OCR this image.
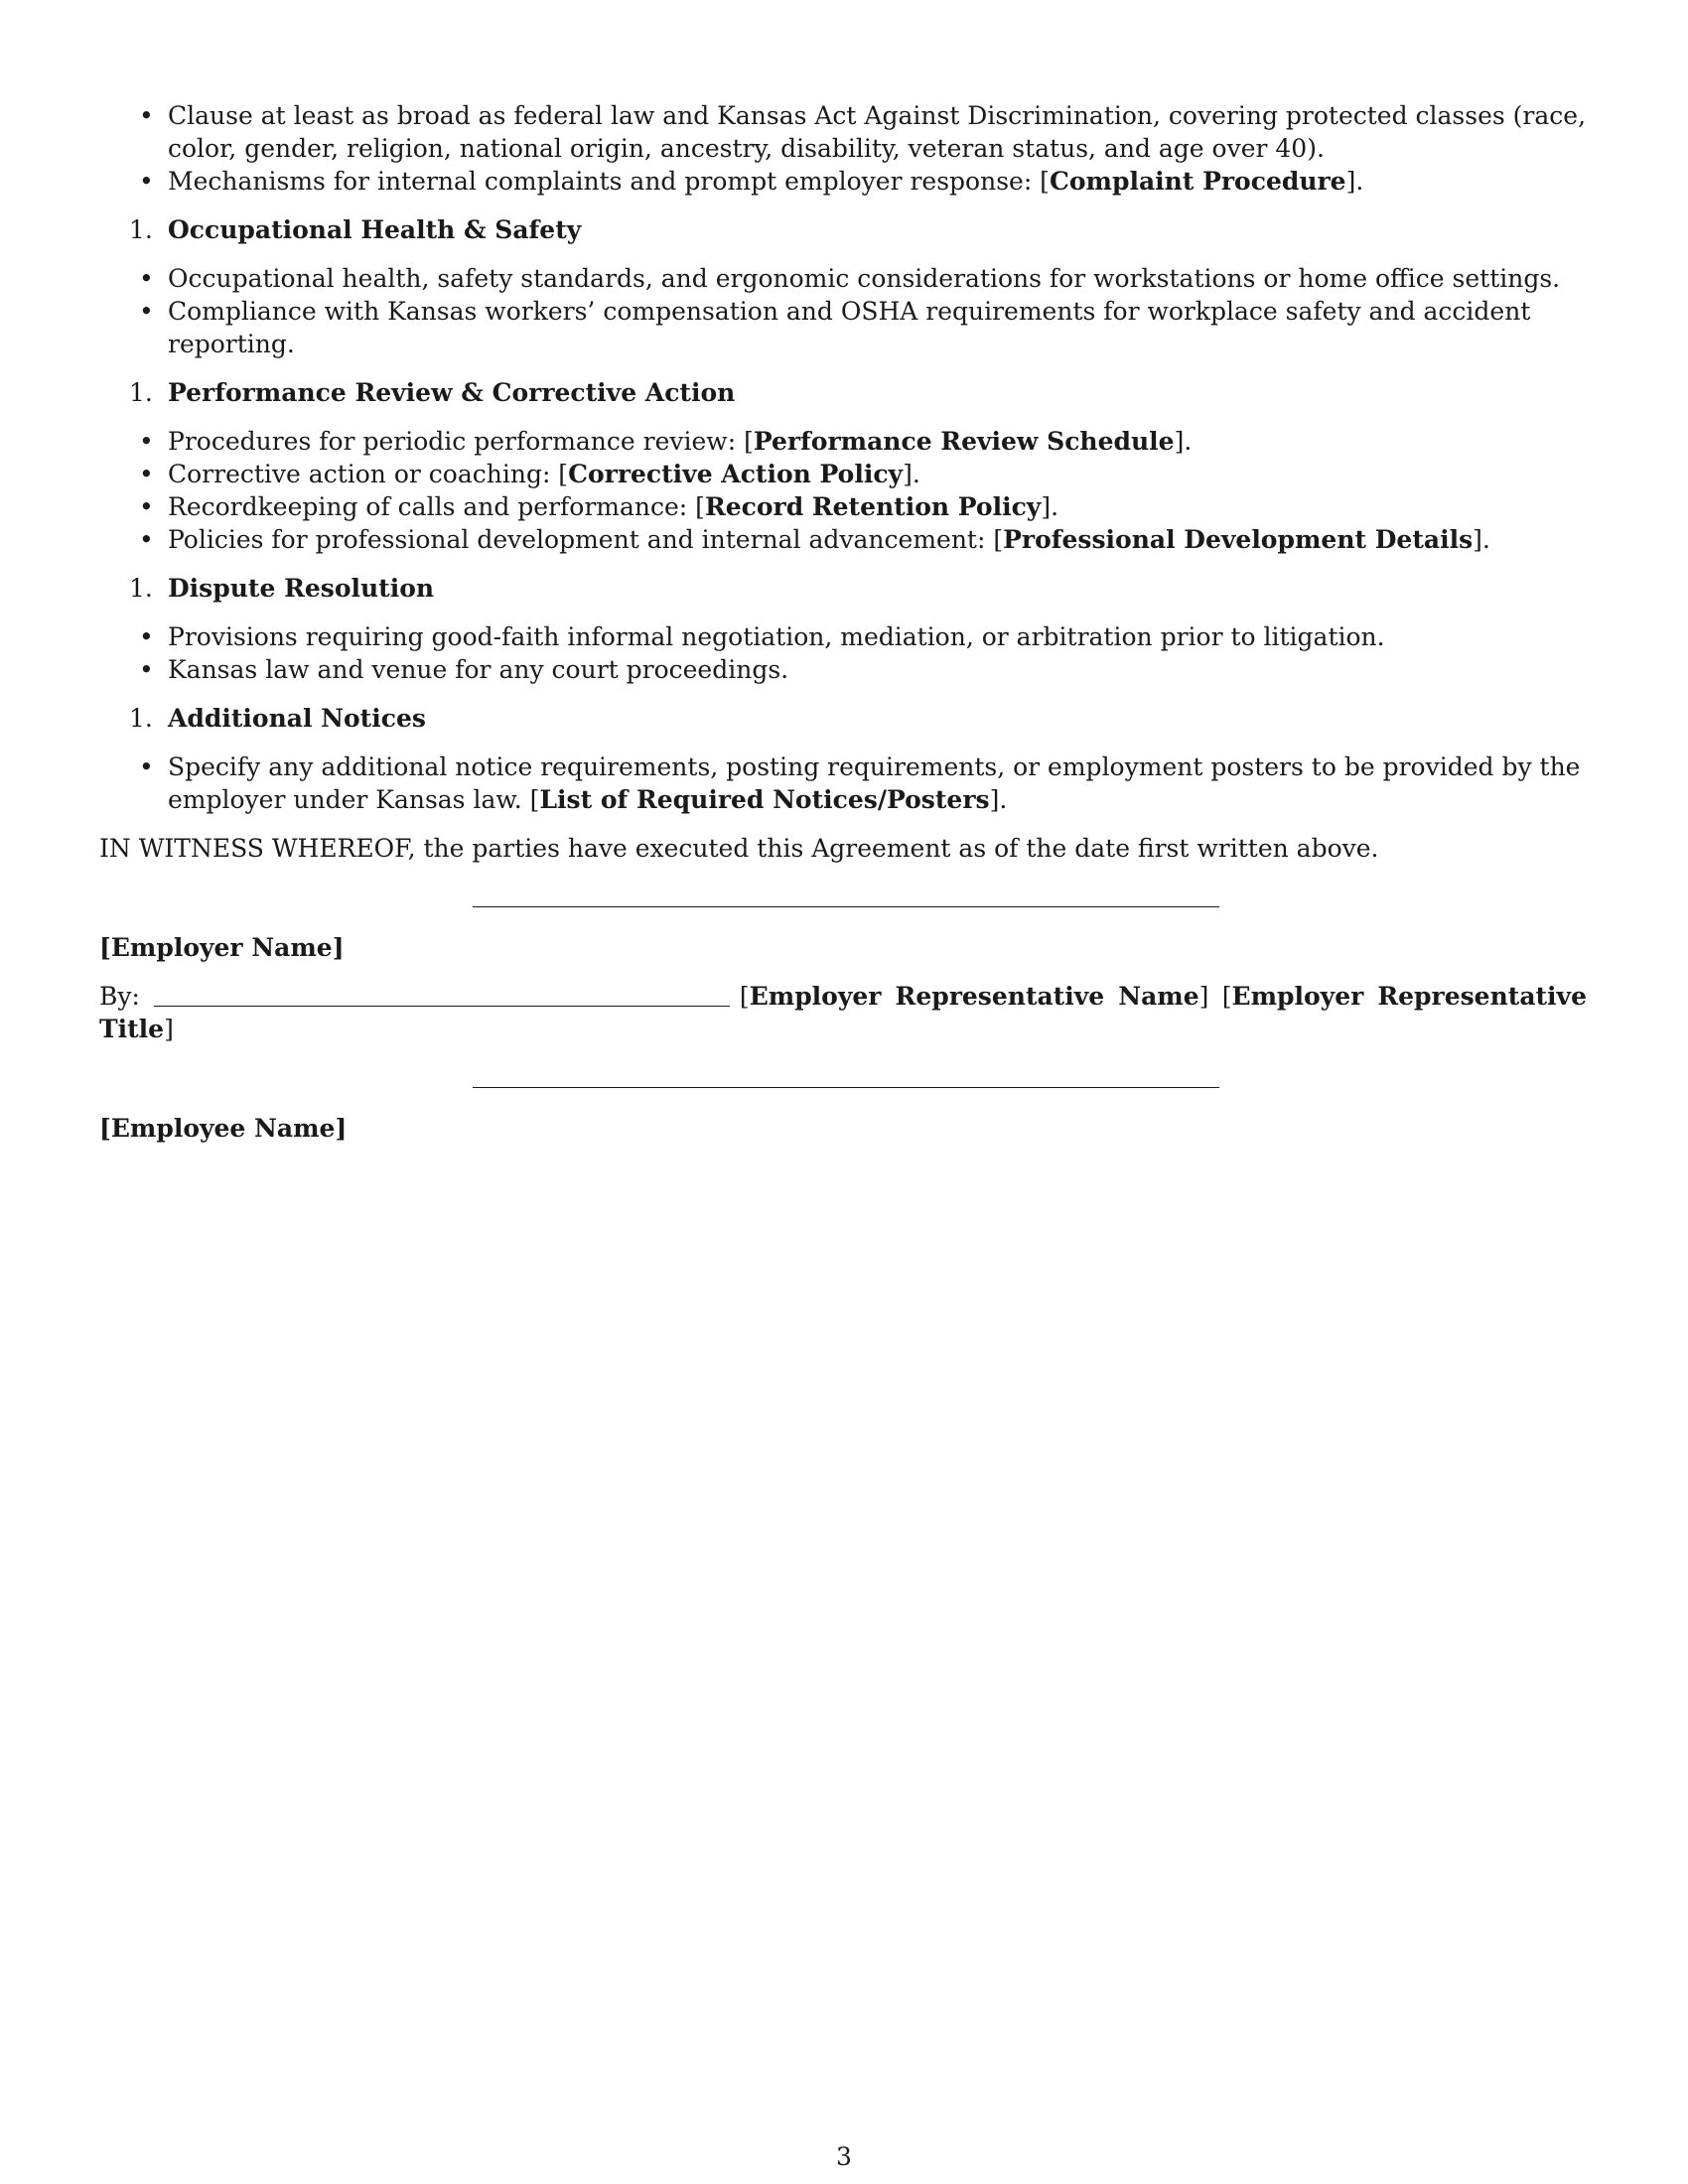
• Clause at least as broad as federal law and Kansas Act Against Discrimination, covering protected classes (race, color, gender, religion, national origin, ancestry, disability, veteran status, and age over 40).
• Mechanisms for internal complaints and prompt employer response: [Complaint Procedure].
1. Occupational Health & Safety
• Occupational health, safety standards, and ergonomic considerations for workstations or home office settings.
• Compliance with Kansas workers’ compensation and OSHA requirements for workplace safety and accident reporting.
1. Performance Review & Corrective Action
• Procedures for periodic performance review: [Performance Review Schedule].
• Corrective action or coaching: [Corrective Action Policy].
• Recordkeeping of calls and performance: [Record Retention Policy].
• Policies for professional development and internal advancement: [Professional Development Details].
1. Dispute Resolution
• Provisions requiring good-faith informal negotiation, mediation, or arbitration prior to litigation.
• Kansas law and venue for any court proceedings.
1. Additional Notices
• Specify any additional notice requirements, posting requirements, or employment posters to be provided by the employer under Kansas law. [List of Required Notices/Posters].
IN WITNESS WHEREOF, the parties have executed this Agreement as of the date first written above.
[Employer Name]
By:	[Employer Representative Name] [Employer Representative Title]
[Employee Name]
3
